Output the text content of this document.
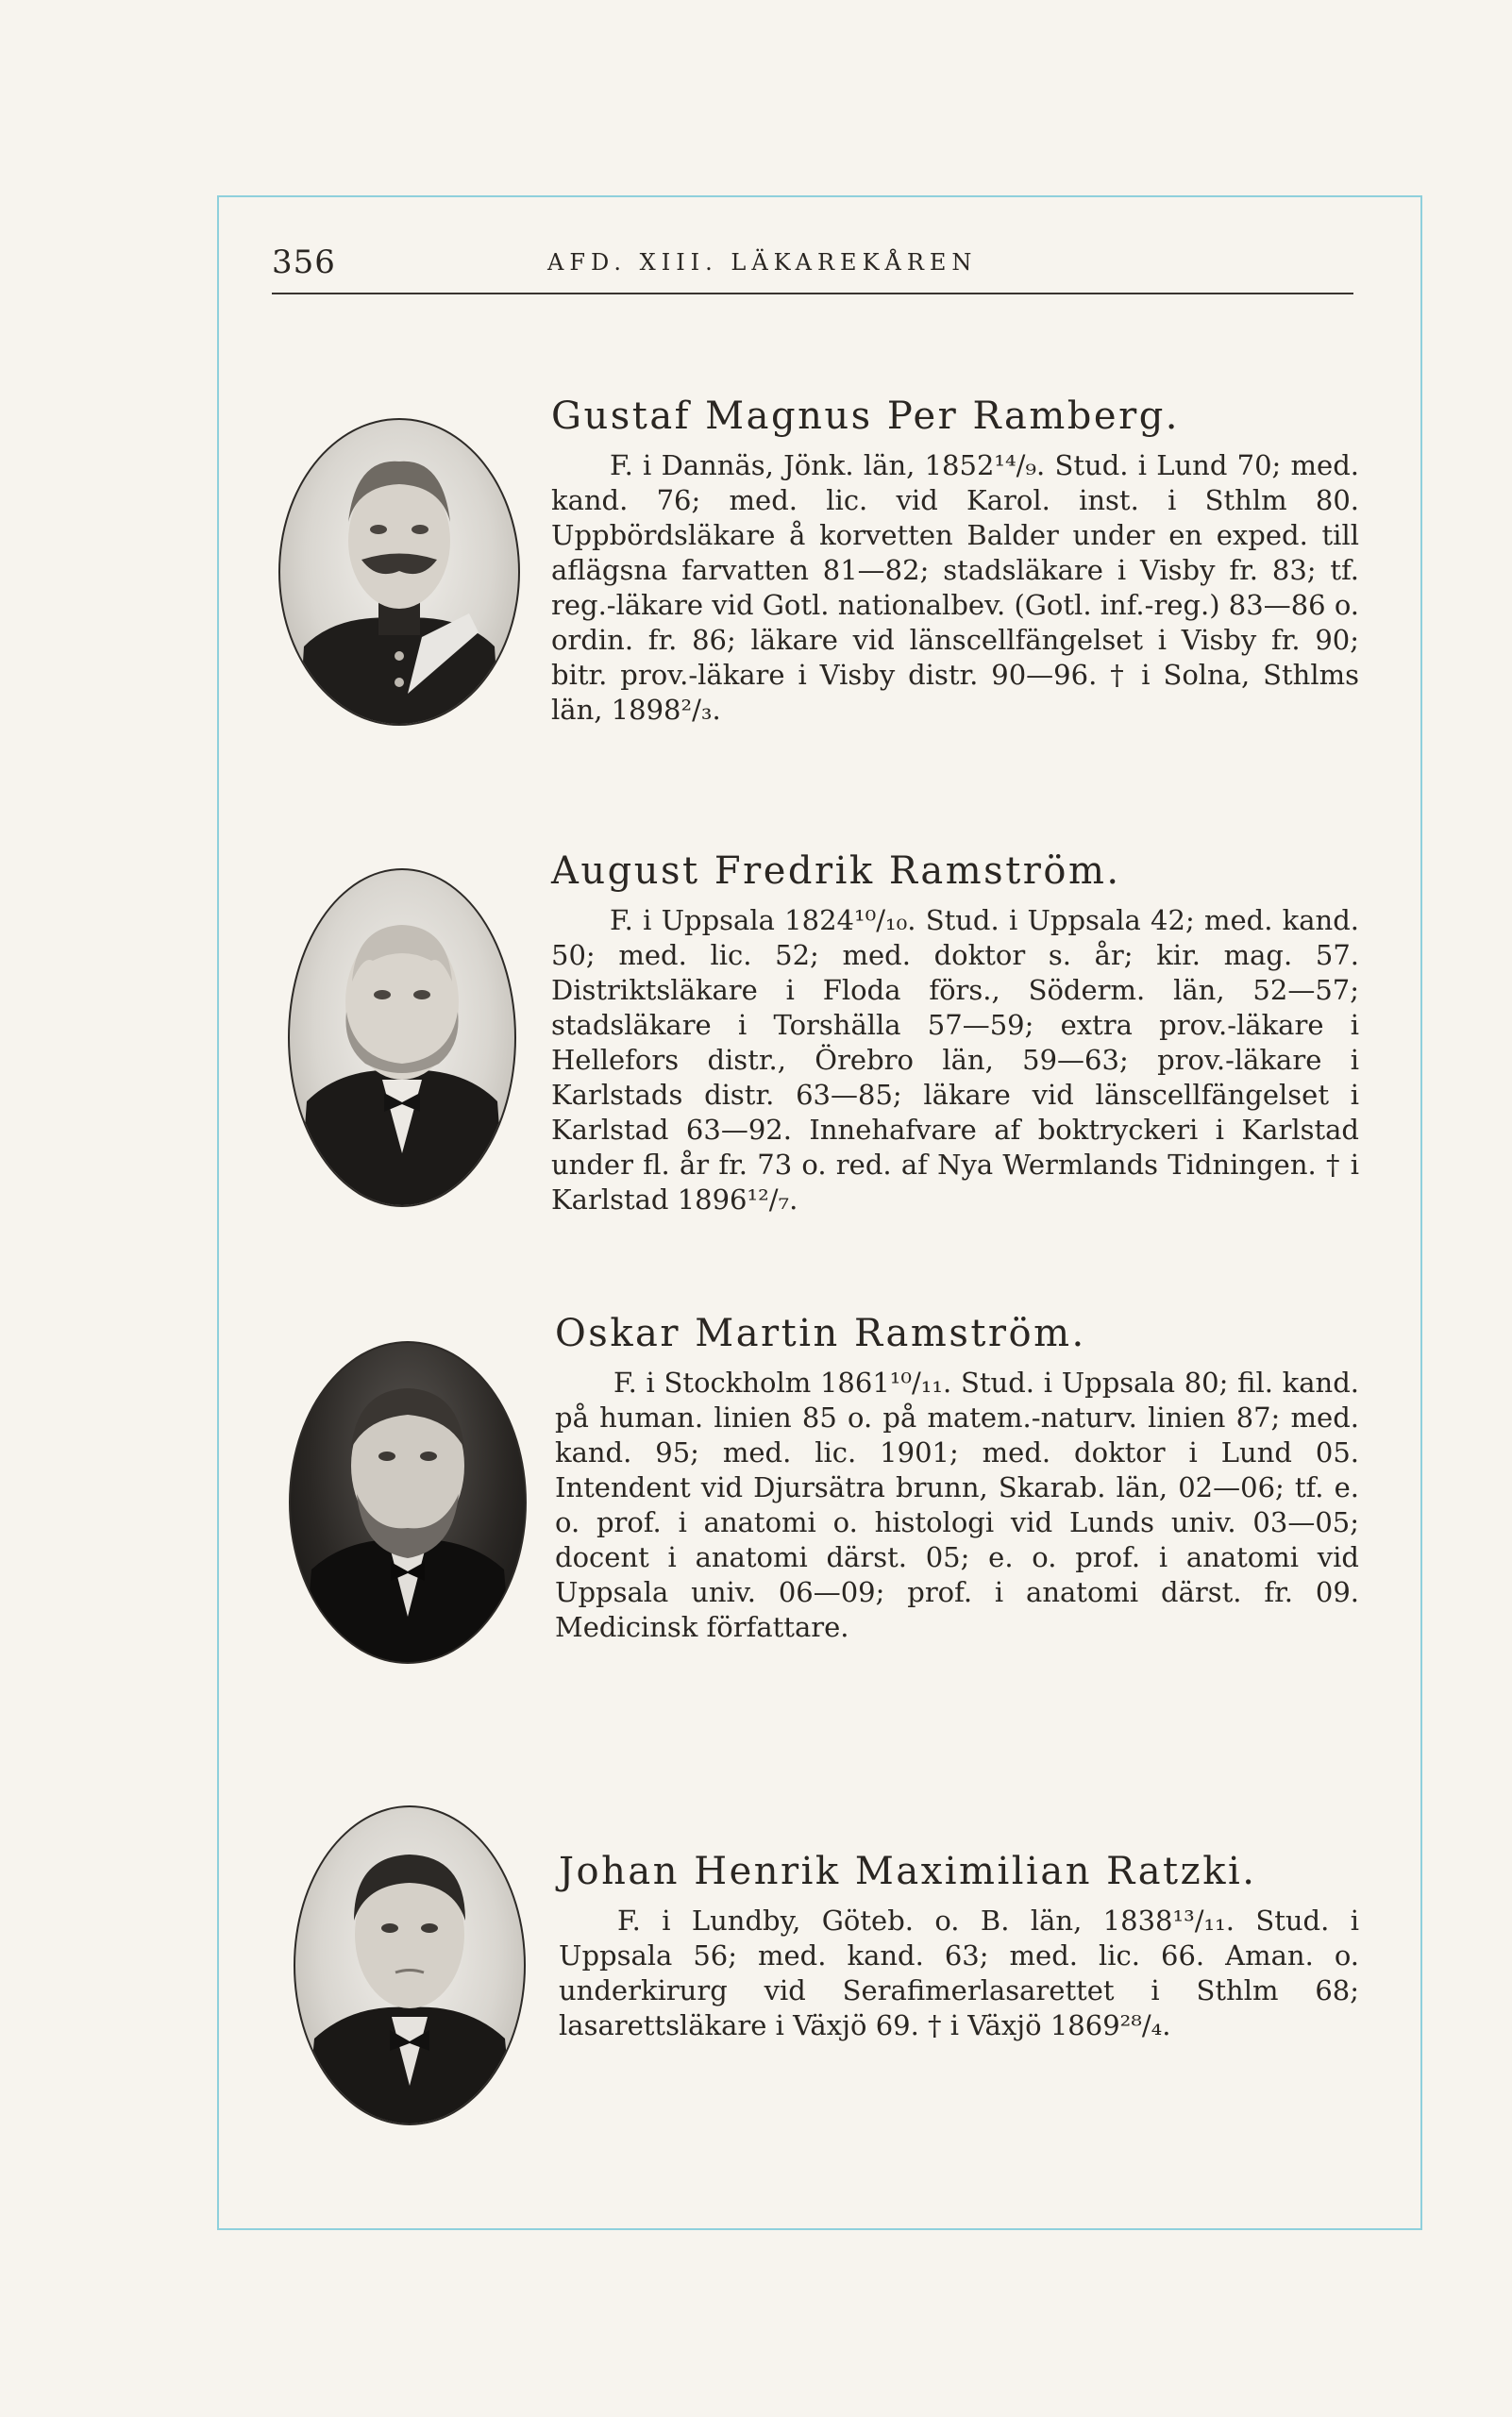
356	AFD. XIII. LÄKAREKÅREN
Gustaf Magnus Per Ramberg.
F. i Dannäs, Jönk. län, 1852¹⁴/₉. Stud. i Lund 70; med. kand. 76; med. lic. vid Karol. inst. i Sthlm 80. Uppbördsläkare å korvetten Balder under en exped. till aflägsna farvatten 81—82; stadsläkare i Visby fr. 83; tf. reg.-läkare vid Gotl. nationalbev. (Gotl. inf.-reg.) 83—86 o. ordin. fr. 86; läkare vid länscellfängelset i Visby fr. 90; bitr. prov.-läkare i Visby distr. 90—96. † i Solna, Sthlms län, 1898²/₃.
August Fredrik Ramström.
F. i Uppsala 1824¹⁰/₁₀. Stud. i Uppsala 42; med. kand. 50; med. lic. 52; med. doktor s. år; kir. mag. 57. Distriktsläkare i Floda förs., Söderm. län, 52—57; stadsläkare i Torshälla 57—59; extra prov.-läkare i Hellefors distr., Örebro län, 59—63; prov.-läkare i Karlstads distr. 63—85; läkare vid länscellfängelset i Karlstad 63—92. Innehafvare af boktryckeri i Karlstad under fl. år fr. 73 o. red. af Nya Wermlands Tidningen. † i Karlstad 1896¹²/₇.
Oskar Martin Ramström.
F. i Stockholm 1861¹⁰/₁₁. Stud. i Uppsala 80; fil. kand. på human. linien 85 o. på matem.-naturv. linien 87; med. kand. 95; med. lic. 1901; med. doktor i Lund 05. Intendent vid Djursätra brunn, Skarab. län, 02—06; tf. e. o. prof. i anatomi o. histologi vid Lunds univ. 03—05; docent i anatomi därst. 05; e. o. prof. i anatomi vid Uppsala univ. 06—09; prof. i anatomi därst. fr. 09. Medicinsk författare.
Johan Henrik Maximilian Ratzki.
F. i Lundby, Göteb. o. B. län, 1838¹³/₁₁. Stud. i Uppsala 56; med. kand. 63; med. lic. 66. Aman. o. underkirurg vid Serafimerlasarettet i Sthlm 68; lasarettsläkare i Växjö 69. † i Växjö 1869²⁸/₄.
